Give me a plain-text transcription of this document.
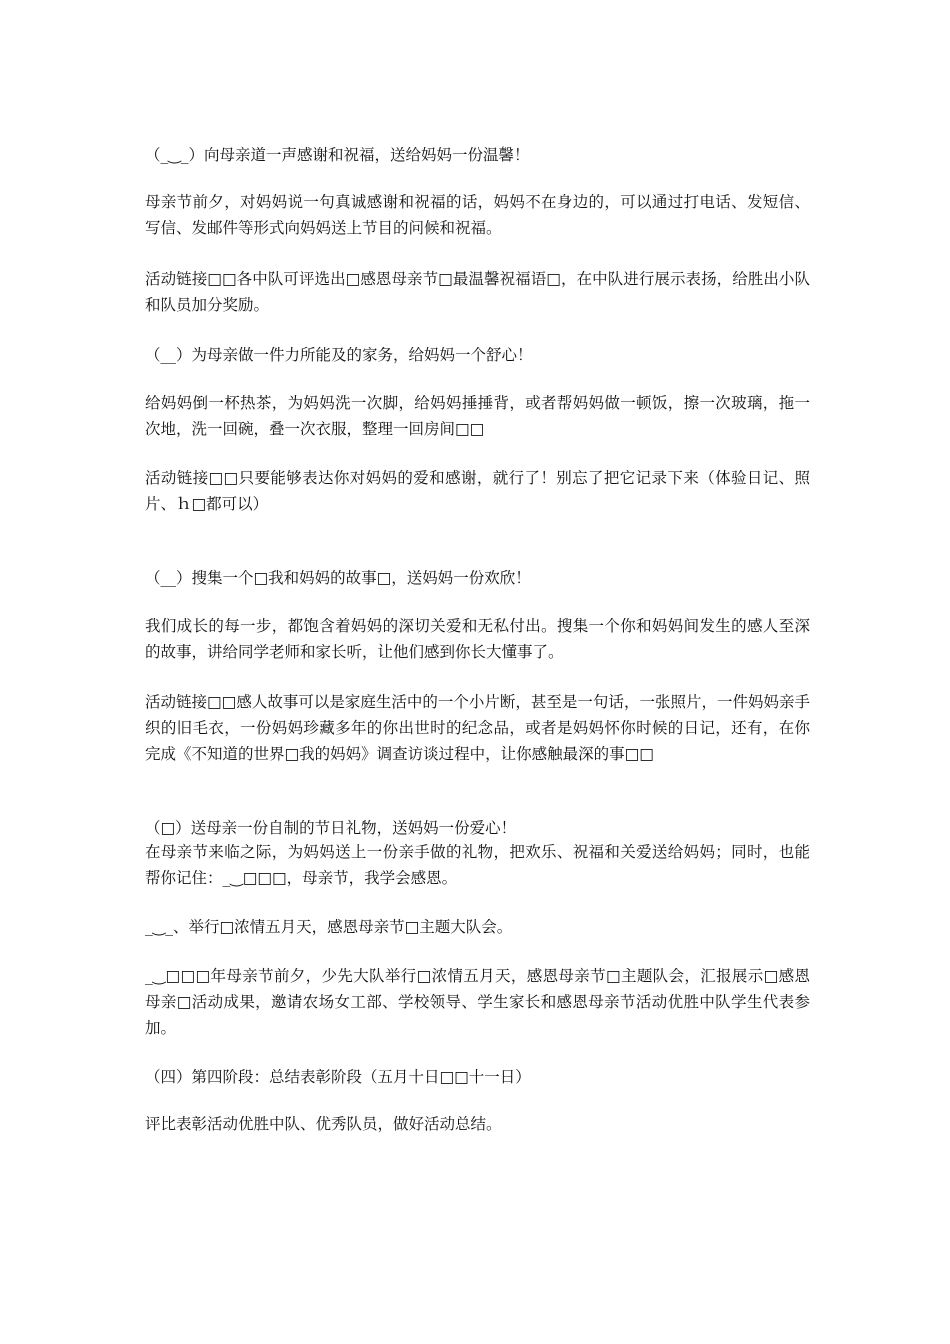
（_‿_）向母亲道一声感谢和祝福，送给妈妈一份温馨！

母亲节前夕，对妈妈说一句真诚感谢和祝福的话，妈妈不在身边的，可以通过打电话、发短信、写信、发邮件等形式向妈妈送上节目的问候和祝福。

活动链接□□各中队可评选出□感恩母亲节□最温馨祝福语□，在中队进行展示表扬，给胜出小队和队员加分奖励。

（__）为母亲做一件力所能及的家务，给妈妈一个舒心！

给妈妈倒一杯热茶，为妈妈洗一次脚，给妈妈捶捶背，或者帮妈妈做一顿饭，擦一次玻璃，拖一次地，洗一回碗，叠一次衣服，整理一回房间□□

活动链接□□只要能够表达你对妈妈的爱和感谢，就行了！别忘了把它记录下来（体验日记、照片、ｈ□都可以）

（__）搜集一个□我和妈妈的故事□，送妈妈一份欢欣！

我们成长的每一步，都饱含着妈妈的深切关爱和无私付出。搜集一个你和妈妈间发生的感人至深的故事，讲给同学老师和家长听，让他们感到你长大懂事了。

活动链接□□感人故事可以是家庭生活中的一个小片断，甚至是一句话，一张照片，一件妈妈亲手织的旧毛衣，一份妈妈珍藏多年的你出世时的纪念品，或者是妈妈怀你时候的日记，还有，在你完成《不知道的世界□我的妈妈》调查访谈过程中，让你感触最深的事□□

（□）送母亲一份自制的节日礼物，送妈妈一份爱心！

在母亲节来临之际，为妈妈送上一份亲手做的礼物，把欢乐、祝福和关爱送给妈妈；同时，也能帮你记住：_‿□□□，母亲节，我学会感恩。

_‿_、举行□浓情五月天，感恩母亲节□主题大队会。

_‿□□□年母亲节前夕，少先大队举行□浓情五月天，感恩母亲节□主题队会，汇报展示□感恩母亲□活动成果，邀请农场女工部、学校领导、学生家长和感恩母亲节活动优胜中队学生代表参加。

（四）第四阶段：总结表彰阶段（五月十日□□十一日）

评比表彰活动优胜中队、优秀队员，做好活动总结。
